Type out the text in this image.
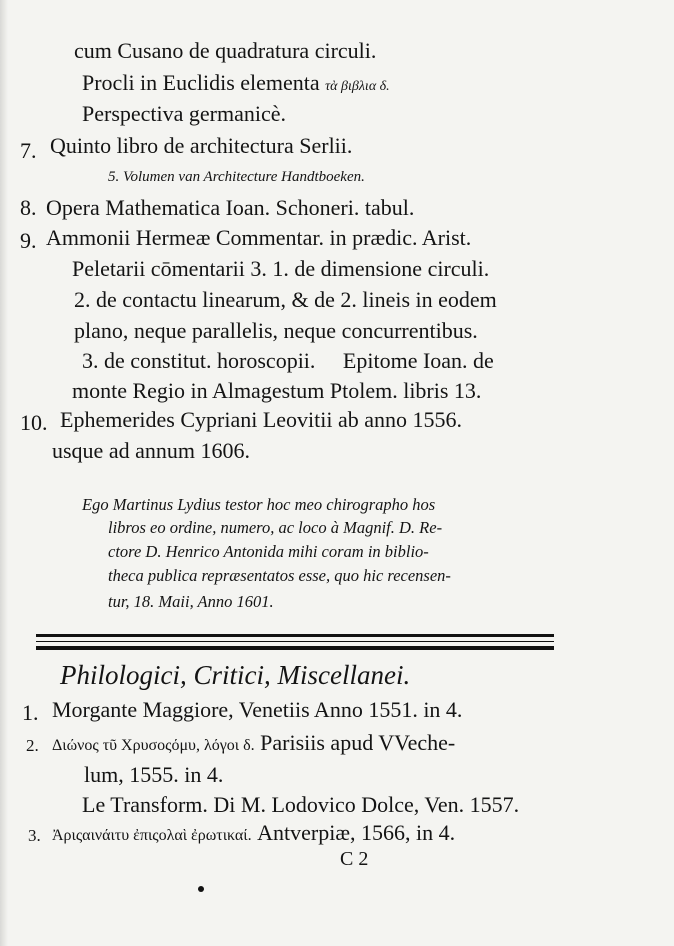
cum Cusano de quadratura circuli.
Procli in Euclidis elementa τὰ βιβλια δ.
Perspectiva germanicè.
7. Quinto libro de architectura Serlii.
5. Volumen van Architecture Handtboeken.
8. Opera Mathematica Ioan. Schoneri. tabul.
9. Ammonii Hermeæ Commentar. in prædic. Arist.
Peletarii cōmentarii 3. 1. de dimensione circuli.
2. de contactu linearum, & de 2. lineis in eodem
plano, neque parallelis, neque concurrentibus.
3. de constitut. horoscopii.     Epitome Ioan. de
monte Regio in Almagestum Ptolem. libris 13.
10. Ephemerides Cypriani Leovitii ab anno 1556.
usque ad annum 1606.
Ego Martinus Lydius testor hoc meo chirographo hos
libros eo ordine, numero, ac loco à Magnif. D. Re-
ctore D. Henrico Antonida mihi coram in biblio-
theca publica repræsentatos esse, quo hic recensen-
tur, 18. Maii, Anno 1601.
Philologici, Critici, Miscellanei.
1. Morgante Maggiore, Venetiis Anno 1551. in 4.
2. Διώνος τῦ Χρυσοςόμυ, λόγοι δ. Parisiis apud VVeche-
lum, 1555. in 4.
Le Transform. Di M. Lodovico Dolce, Ven. 1557.
3. Ἀριςαινάιτυ ἐπιςολαὶ ἐρωτικαί. Antverpiæ, 1566, in 4.
C 2
